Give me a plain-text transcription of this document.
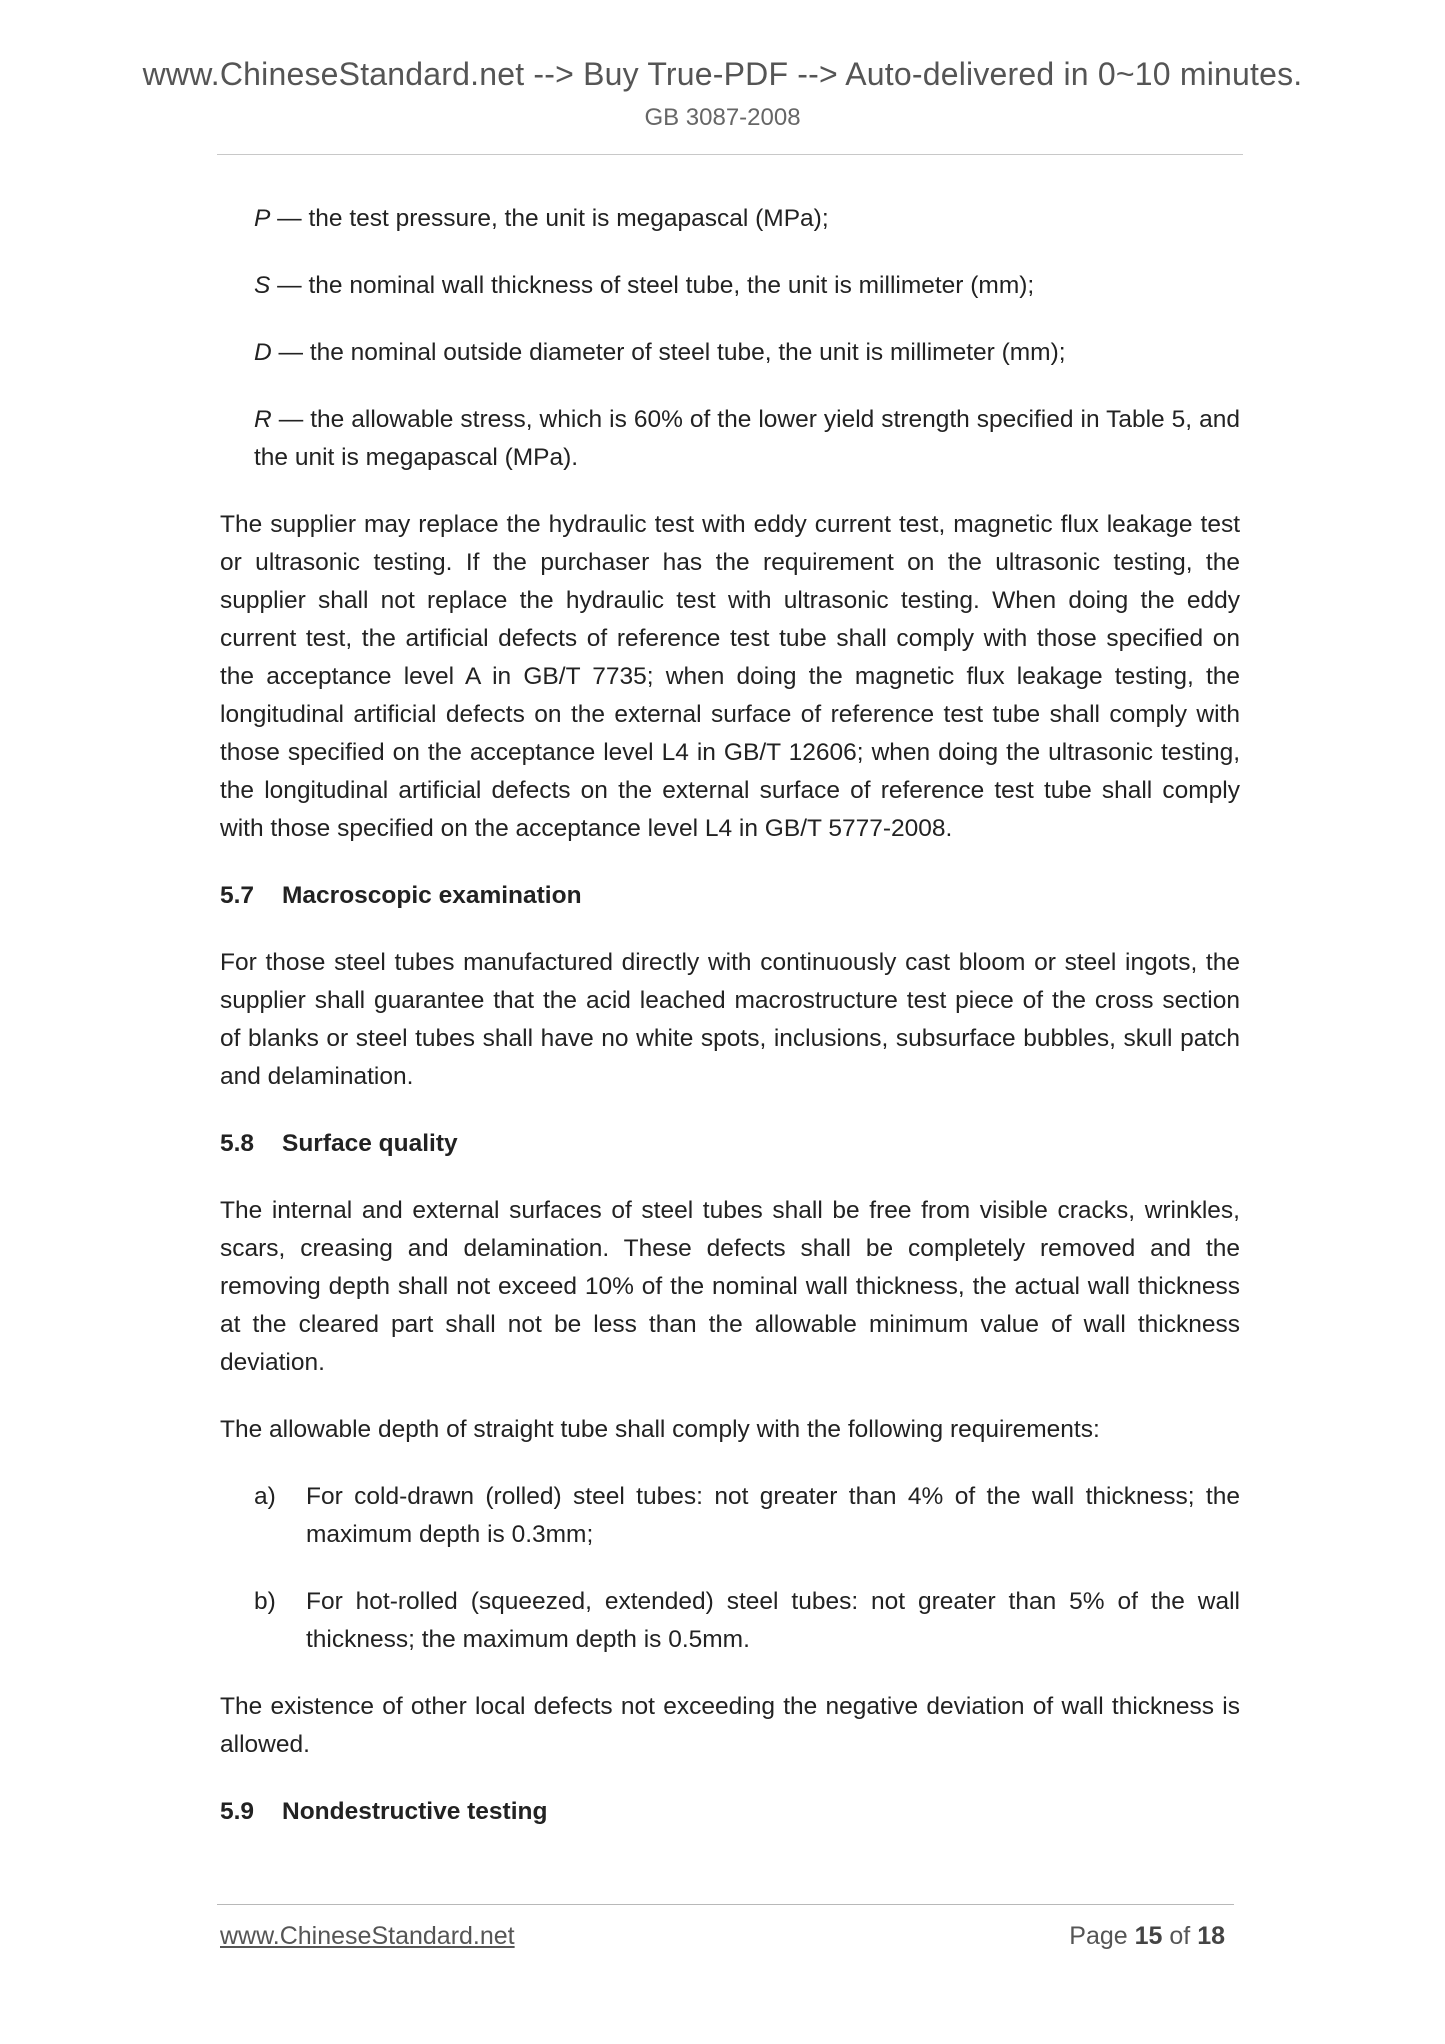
www.ChineseStandard.net --> Buy True-PDF --> Auto-delivered in 0~10 minutes.
GB 3087-2008
P — the test pressure, the unit is megapascal (MPa);
S — the nominal wall thickness of steel tube, the unit is millimeter (mm);
D — the nominal outside diameter of steel tube, the unit is millimeter (mm);
R — the allowable stress, which is 60% of the lower yield strength specified in Table 5, and the unit is megapascal (MPa).

The supplier may replace the hydraulic test with eddy current test, magnetic flux leakage test or ultrasonic testing. If the purchaser has the requirement on the ultrasonic testing, the supplier shall not replace the hydraulic test with ultrasonic testing. When doing the eddy current test, the artificial defects of reference test tube shall comply with those specified on the acceptance level A in GB/T 7735; when doing the magnetic flux leakage testing, the longitudinal artificial defects on the external surface of reference test tube shall comply with those specified on the acceptance level L4 in GB/T 12606; when doing the ultrasonic testing, the longitudinal artificial defects on the external surface of reference test tube shall comply with those specified on the acceptance level L4 in GB/T 5777-2008.

5.7 Macroscopic examination

For those steel tubes manufactured directly with continuously cast bloom or steel ingots, the supplier shall guarantee that the acid leached macrostructure test piece of the cross section of blanks or steel tubes shall have no white spots, inclusions, subsurface bubbles, skull patch and delamination.

5.8 Surface quality

The internal and external surfaces of steel tubes shall be free from visible cracks, wrinkles, scars, creasing and delamination. These defects shall be completely removed and the removing depth shall not exceed 10% of the nominal wall thickness, the actual wall thickness at the cleared part shall not be less than the allowable minimum value of wall thickness deviation.

The allowable depth of straight tube shall comply with the following requirements:

a)	For cold-drawn (rolled) steel tubes: not greater than 4% of the wall thickness; the maximum depth is 0.3mm;
b)	For hot-rolled (squeezed, extended) steel tubes: not greater than 5% of the wall thickness; the maximum depth is 0.5mm.

The existence of other local defects not exceeding the negative deviation of wall thickness is allowed.

5.9 Nondestructive testing
www.ChineseStandard.net	Page 15 of 18
